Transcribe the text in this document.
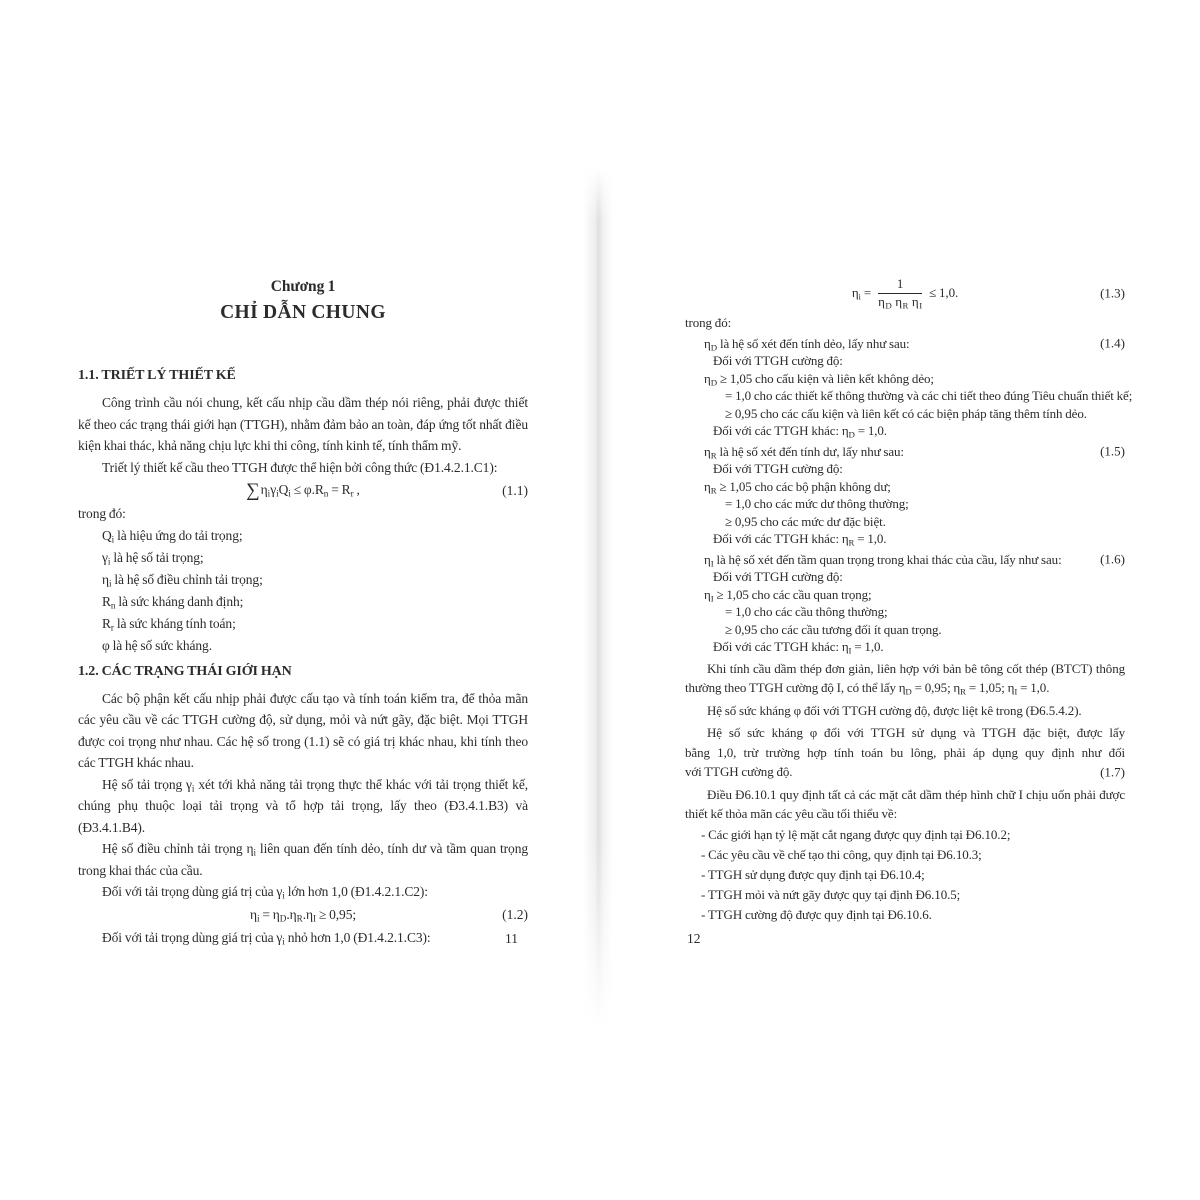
Chương 1
CHỈ DẪN CHUNG
1.1. TRIẾT LÝ THIẾT KẾ

Công trình cầu nói chung, kết cấu nhịp cầu dầm thép nói riêng, phải được thiết kế theo các trạng thái giới hạn (TTGH), nhằm đảm bảo an toàn, đáp ứng tốt nhất điều kiện khai thác, khả năng chịu lực khi thi công, tính kinh tế, tính thẩm mỹ.

Triết lý thiết kế cầu theo TTGH được thể hiện bởi công thức (Đ1.4.2.1.C1):

$\sum\eta_i\gamma_iQ_i \le \varphi.R_n = R_r$ ,	(1.1)
trong đó:
$Q_i$ là hiệu ứng do tải trọng;
$\gamma_i$ là hệ số tải trọng;
$\eta_i$ là hệ số điều chỉnh tải trọng;
$R_n$ là sức kháng danh định;
$R_r$ là sức kháng tính toán;
φ là hệ số sức kháng.
1.2. CÁC TRẠNG THÁI GIỚI HẠN

Các bộ phận kết cấu nhịp phải được cấu tạo và tính toán kiểm tra, để thỏa mãn các yêu cầu về các TTGH cường độ, sử dụng, mỏi và nứt gãy, đặc biệt. Mọi TTGH được coi trọng như nhau. Các hệ số trong (1.1) sẽ có giá trị khác nhau, khi tính theo các TTGH khác nhau.

Hệ số tải trọng $\gamma_i$ xét tới khả năng tải trọng thực thể khác với tải trọng thiết kế, chúng phụ thuộc loại tải trọng và tổ hợp tải trọng, lấy theo (Đ3.4.1.B3) và (Đ3.4.1.B4).

Hệ số điều chỉnh tải trọng $\eta_i$ liên quan đến tính dẻo, tính dư và tầm quan trọng trong khai thác của cầu.

Đối với tải trọng dùng giá trị của $\gamma_i$ lớn hơn 1,0 (Đ1.4.2.1.C2):

$\eta_i = \eta_D.\eta_R.\eta_I \ge 0,95$;	(1.2)

Đối với tải trọng dùng giá trị của $\gamma_i$ nhỏ hơn 1,0 (Đ1.4.2.1.C3):

$\eta_i = \frac{1}{\eta_D \eta_R \eta_I} \le 1,0$.	(1.3)
trong đó:
$\eta_D$ là hệ số xét đến tính dẻo, lấy như sau:	(1.4)
Đối với TTGH cường độ:
$\eta_D \ge 1,05$ cho cấu kiện và liên kết không dẻo;
= 1,0 cho các thiết kế thông thường và các chi tiết theo đúng Tiêu chuẩn thiết kế;
≥ 0,95 cho các cấu kiện và liên kết có các biện pháp tăng thêm tính dẻo.
Đối với các TTGH khác: $\eta_D = 1,0$.
$\eta_R$ là hệ số xét đến tính dư, lấy như sau:	(1.5)
Đối với TTGH cường độ:
$\eta_R \ge 1,05$ cho các bộ phận không dư;
= 1,0 cho các mức dư thông thường;
≥ 0,95 cho các mức dư đặc biệt.
Đối với các TTGH khác: $\eta_R = 1,0$.
$\eta_I$ là hệ số xét đến tầm quan trọng trong khai thác của cầu, lấy như sau:	(1.6)
Đối với TTGH cường độ:
$\eta_I \ge 1,05$ cho các cầu quan trọng;
= 1,0 cho các cầu thông thường;
≥ 0,95 cho các cầu tương đối ít quan trọng.
Đối với các TTGH khác: $\eta_I = 1,0$.

Khi tính cầu dầm thép đơn giản, liên hợp với bản bê tông cốt thép (BTCT) thông thường theo TTGH cường độ I, có thể lấy $\eta_D = 0,95$; $\eta_R = 1,05$; $\eta_I = 1,0$.

Hệ số sức kháng φ đối với TTGH cường độ, được liệt kê trong (Đ6.5.4.2).

Hệ số sức kháng φ đối với TTGH sử dụng và TTGH đặc biệt, được lấy
bằng 1,0, trừ trường hợp tính toán bu lông, phải áp dụng quy định như đối
với TTGH cường độ.	(1.7)

Điều Đ6.10.1 quy định tất cả các mặt cắt dầm thép hình chữ I chịu uốn phải được thiết kế thỏa mãn các yêu cầu tối thiểu về:

- Các giới hạn tỷ lệ mặt cắt ngang được quy định tại Đ6.10.2;
- Các yêu cầu về chế tạo thi công, quy định tại Đ6.10.3;
- TTGH sử dụng được quy định tại Đ6.10.4;
- TTGH mỏi và nứt gãy được quy tại định Đ6.10.5;
- TTGH cường độ được quy định tại Đ6.10.6.
11	12
